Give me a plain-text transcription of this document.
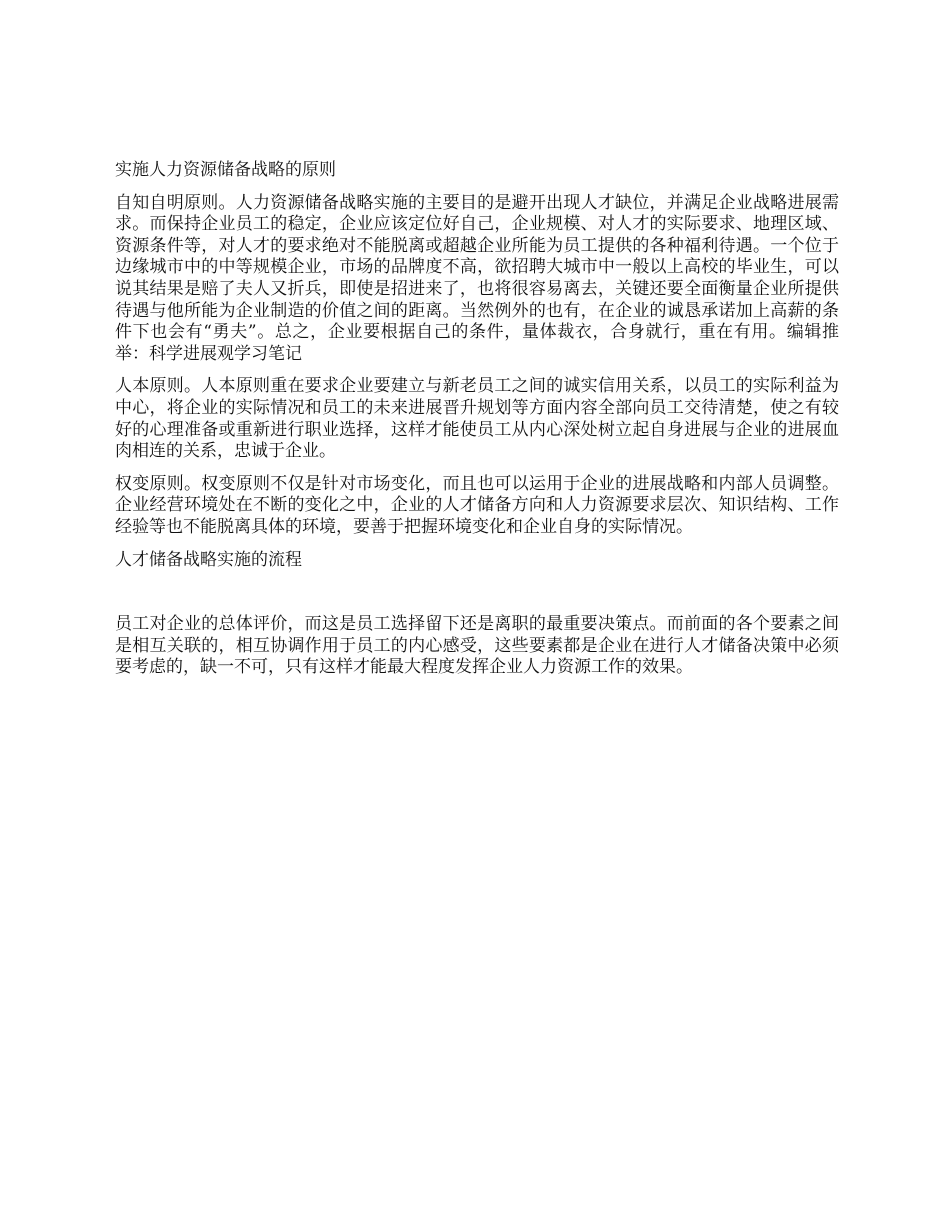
实施人力资源储备战略的原则

自知自明原则。人力资源储备战略实施的主要目的是避开出现人才缺位，并满足企业战略进展需求。而保持企业员工的稳定，企业应该定位好自己，企业规模、对人才的实际要求、地理区域、资源条件等，对人才的要求绝对不能脱离或超越企业所能为员工提供的各种福利待遇。一个位于边缘城市中的中等规模企业，市场的品牌度不高，欲招聘大城市中一般以上高校的毕业生，可以说其结果是赔了夫人又折兵，即使是招进来了，也将很容易离去，关键还要全面衡量企业所提供待遇与他所能为企业制造的价值之间的距离。当然例外的也有，在企业的诚恳承诺加上高薪的条件下也会有“勇夫”。总之，企业要根据自己的条件，量体裁衣，合身就行，重在有用。编辑推举：科学进展观学习笔记

人本原则。人本原则重在要求企业要建立与新老员工之间的诚实信用关系，以员工的实际利益为中心，将企业的实际情况和员工的未来进展晋升规划等方面内容全部向员工交待清楚，使之有较好的心理准备或重新进行职业选择，这样才能使员工从内心深处树立起自身进展与企业的进展血肉相连的关系，忠诚于企业。

权变原则。权变原则不仅是针对市场变化，而且也可以运用于企业的进展战略和内部人员调整。企业经营环境处在不断的变化之中，企业的人才储备方向和人力资源要求层次、知识结构、工作经验等也不能脱离具体的环境，要善于把握环境变化和企业自身的实际情况。

人才储备战略实施的流程

员工对企业的总体评价，而这是员工选择留下还是离职的最重要决策点。而前面的各个要素之间是相互关联的，相互协调作用于员工的内心感受，这些要素都是企业在进行人才储备决策中必须要考虑的，缺一不可，只有这样才能最大程度发挥企业人力资源工作的效果。
